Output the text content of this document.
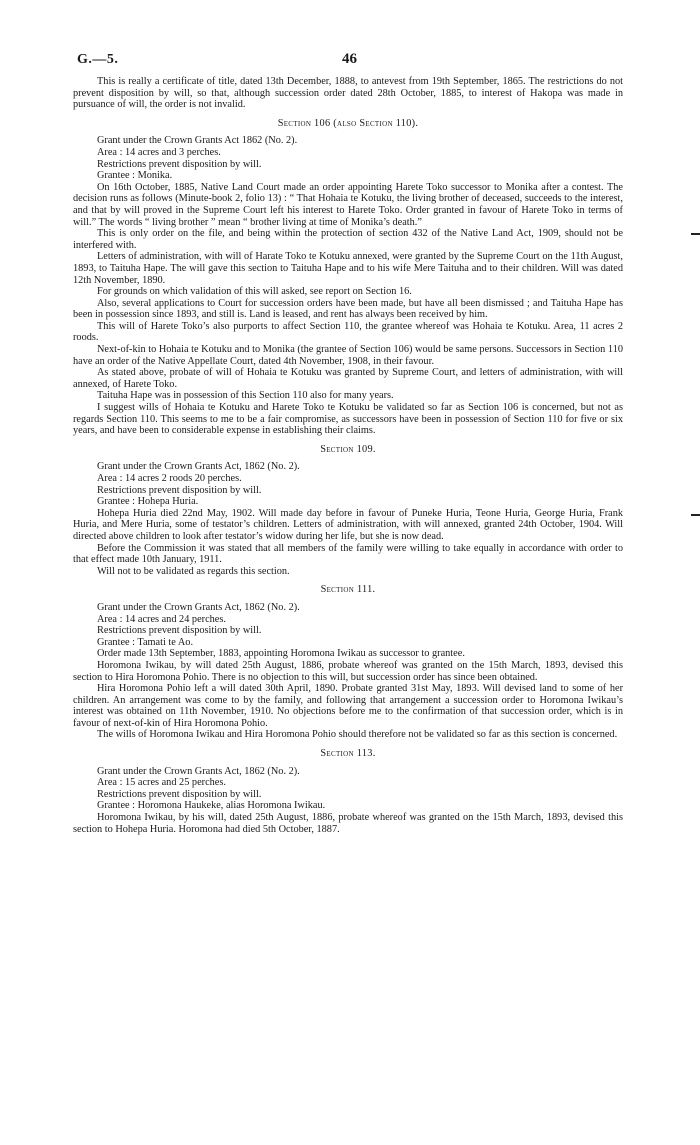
G.—5.	46

This is really a certificate of title, dated 13th December, 1888, to antevest from 19th September, 1865. The restrictions do not prevent disposition by will, so that, although succession order dated 28th October, 1885, to interest of Hakopa was made in pursuance of will, the order is not invalid.

Section 106 (also Section 110).

Grant under the Crown Grants Act 1862 (No. 2).

Area : 14 acres and 3 perches.

Restrictions prevent disposition by will.

Grantee : Monika.

On 16th October, 1885, Native Land Court made an order appointing Harete Toko successor to Monika after a contest. The decision runs as follows (Minute-book 2, folio 13) : “ That Hohaia te Kotuku, the living brother of deceased, succeeds to the interest, and that by will proved in the Supreme Court left his interest to Harete Toko. Order granted in favour of Harete Toko in terms of will.” The words “ living brother ” mean “ brother living at time of Monika’s death.”

This is only order on the file, and being within the protection of section 432 of the Native Land Act, 1909, should not be interfered with.

Letters of administration, with will of Harate Toko te Kotuku annexed, were granted by the Supreme Court on the 11th August, 1893, to Taituha Hape. The will gave this section to Taituha Hape and to his wife Mere Taituha and to their children. Will was dated 12th November, 1890.

For grounds on which validation of this will asked, see report on Section 16.

Also, several applications to Court for succession orders have been made, but have all been dismissed ; and Taituha Hape has been in possession since 1893, and still is. Land is leased, and rent has always been received by him.

This will of Harete Toko’s also purports to affect Section 110, the grantee whereof was Hohaia te Kotuku. Area, 11 acres 2 roods.

Next-of-kin to Hohaia te Kotuku and to Monika (the grantee of Section 106) would be same persons. Successors in Section 110 have an order of the Native Appellate Court, dated 4th November, 1908, in their favour.

As stated above, probate of will of Hohaia te Kotuku was granted by Supreme Court, and letters of administration, with will annexed, of Harete Toko.

Taituha Hape was in possession of this Section 110 also for many years.

I suggest wills of Hohaia te Kotuku and Harete Toko te Kotuku be validated so far as Section 106 is concerned, but not as regards Section 110. This seems to me to be a fair compromise, as successors have been in possession of Section 110 for five or six years, and have been to considerable expense in establishing their claims.

Section 109.

Grant under the Crown Grants Act, 1862 (No. 2).

Area : 14 acres 2 roods 20 perches.

Restrictions prevent disposition by will.

Grantee : Hohepa Huria.

Hohepa Huria died 22nd May, 1902. Will made day before in favour of Puneke Huria, Teone Huria, George Huria, Frank Huria, and Mere Huria, some of testator’s children. Letters of administration, with will annexed, granted 24th October, 1904. Will directed above children to look after testator’s widow during her life, but she is now dead.

Before the Commission it was stated that all members of the family were willing to take equally in accordance with order to that effect made 10th January, 1911.

Will not to be validated as regards this section.

Section 111.

Grant under the Crown Grants Act, 1862 (No. 2).

Area : 14 acres and 24 perches.

Restrictions prevent disposition by will.

Grantee : Tamati te Ao.

Order made 13th September, 1883, appointing Horomona Iwikau as successor to grantee.

Horomona Iwikau, by will dated 25th August, 1886, probate whereof was granted on the 15th March, 1893, devised this section to Hira Horomona Pohio. There is no objection to this will, but succession order has since been obtained.

Hira Horomona Pohio left a will dated 30th April, 1890. Probate granted 31st May, 1893. Will devised land to some of her children. An arrangement was come to by the family, and following that arrangement a succession order to Horomona Iwikau’s interest was obtained on 11th November, 1910. No objections before me to the confirmation of that succession order, which is in favour of next-of-kin of Hira Horomona Pohio.

The wills of Horomona Iwikau and Hira Horomona Pohio should therefore not be validated so far as this section is concerned.

Section 113.

Grant under the Crown Grants Act, 1862 (No. 2).

Area : 15 acres and 25 perches.

Restrictions prevent disposition by will.

Grantee : Horomona Haukeke, alias Horomona Iwikau.

Horomona Iwikau, by his will, dated 25th August, 1886, probate whereof was granted on the 15th March, 1893, devised this section to Hohepa Huria. Horomona had died 5th October, 1887.
